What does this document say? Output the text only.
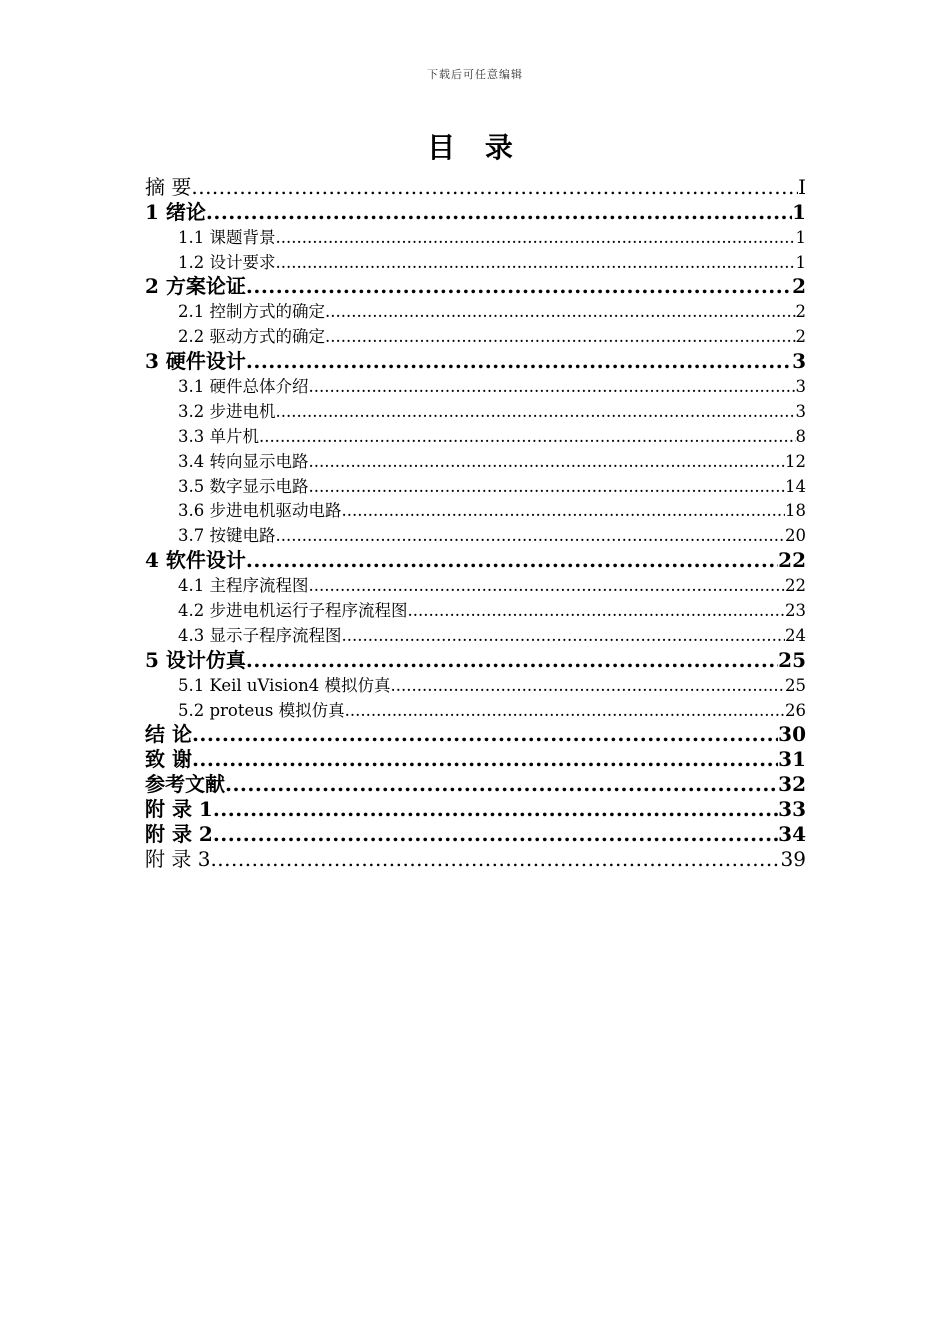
下载后可任意编辑
目 录
摘 要 .....	I
1 绪论 .....	1
1.1 课题背景 .....	1
1.2 设计要求 .....	1
2 方案论证 .....	2
2.1 控制方式的确定 .....	2
2.2 驱动方式的确定 .....	2
3 硬件设计 .....	3
3.1 硬件总体介绍 .....	3
3.2 步进电机 .....	3
3.3 单片机 .....	8
3.4 转向显示电路 .....	12
3.5 数字显示电路 .....	14
3.6 步进电机驱动电路 .....	18
3.7 按键电路 .....	20
4 软件设计 .....	22
4.1 主程序流程图 .....	22
4.2 步进电机运行子程序流程图 .....	23
4.3 显示子程序流程图 .....	24
5 设计仿真 .....	25
5.1 Keil uVision4 模拟仿真 .....	25
5.2 proteus 模拟仿真 .....	26
结 论 .....	30
致 谢 .....	31
参考文献 .....	32
附 录 1 .....	33
附 录 2 .....	34
附 录 3 .....	39
